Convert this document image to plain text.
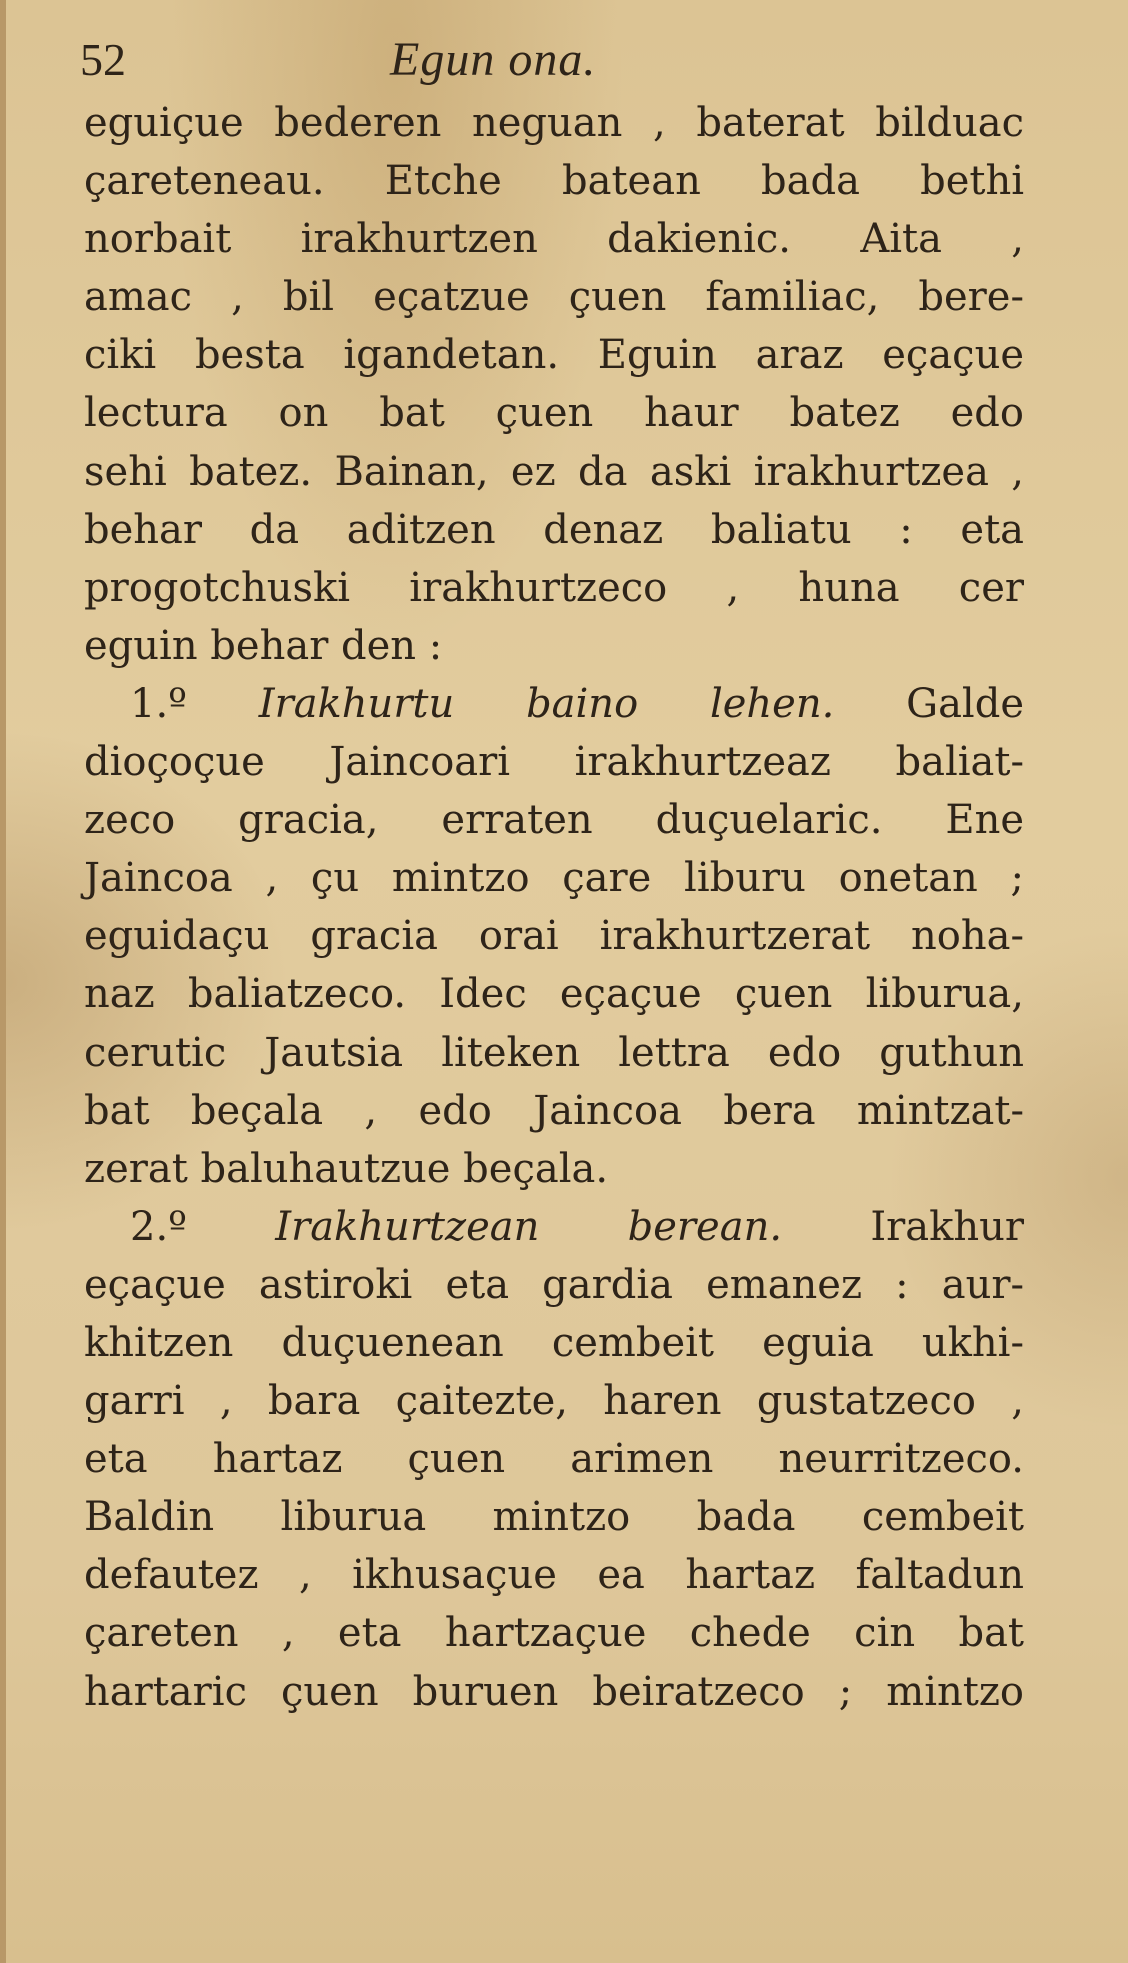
52	Egun ona.
eguiçue bederen neguan , baterat bilduac
çareteneau. Etche batean bada bethi
norbait irakhurtzen dakienic. Aita ,
amac , bil eçatzue çuen familiac, bere-
ciki besta igandetan. Eguin araz eçaçue
lectura on bat çuen haur batez edo
sehi batez. Bainan, ez da aski irakhurtzea ,
behar da aditzen denaz baliatu : eta
progotchuski irakhurtzeco , huna cer
eguin behar den :
1.º Irakhurtu baino lehen. Galde
dioçoçue Jaincoari irakhurtzeaz baliat-
zeco gracia, erraten duçuelaric. Ene
Jaincoa , çu mintzo çare liburu onetan ;
eguidaçu gracia orai irakhurtzerat noha-
naz baliatzeco. Idec eçaçue çuen liburua,
cerutic Jautsia liteken lettra edo guthun
bat beçala , edo Jaincoa bera mintzat-
zerat baluhautzue beçala.
2.º Irakhurtzean berean. Irakhur
eçaçue astiroki eta gardia emanez : aur-
khitzen duçuenean cembeit eguia ukhi-
garri , bara çaitezte, haren gustatzeco ,
eta hartaz çuen arimen neurritzeco.
Baldin liburua mintzo bada cembeit
defautez , ikhusaçue ea hartaz faltadun
çareten , eta hartzaçue chede cin bat
hartaric çuen buruen beiratzeco ; mintzo
